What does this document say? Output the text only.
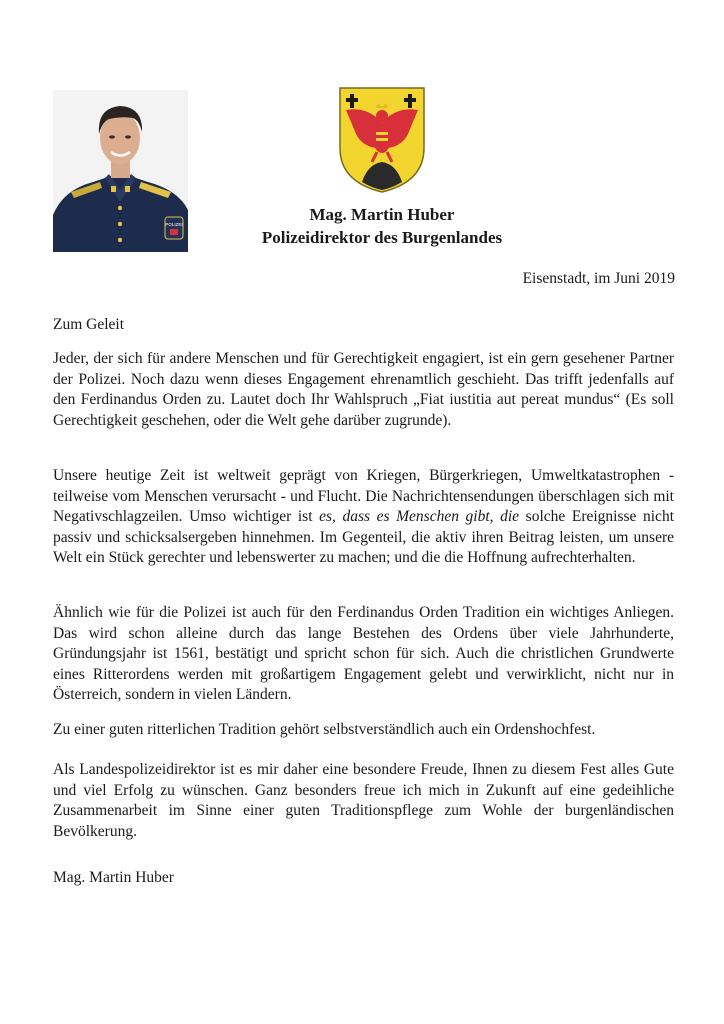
POLIZEI
Mag. Martin Huber
Polizeidirektor des Burgenlandes
Eisenstadt, im Juni 2019
Zum Geleit

Jeder, der sich für andere Menschen und für Gerechtigkeit engagiert, ist ein gern gesehener Partner der Polizei. Noch dazu wenn dieses Engagement ehrenamtlich geschieht. Das trifft jedenfalls auf den Ferdinandus Orden zu. Lautet doch Ihr Wahlspruch „Fiat iustitia aut pereat mundus“ (Es soll Gerechtigkeit geschehen, oder die Welt gehe darüber zugrunde).

Unsere heutige Zeit ist weltweit geprägt von Kriegen, Bürgerkriegen, Umweltkatastrophen - teilweise vom Menschen verursacht - und Flucht. Die Nachrichtensendungen überschlagen sich mit Negativschlagzeilen. Umso wichtiger ist es, dass es Menschen gibt, die solche Ereignisse nicht passiv und schicksalsergeben hinnehmen. Im Gegenteil, die aktiv ihren Beitrag leisten, um unsere Welt ein Stück gerechter und lebenswerter zu machen; und die die Hoffnung aufrechterhalten.

Ähnlich wie für die Polizei ist auch für den Ferdinandus Orden Tradition ein wichtiges Anliegen. Das wird schon alleine durch das lange Bestehen des Ordens über viele Jahrhunderte, Gründungsjahr ist 1561, bestätigt und spricht schon für sich. Auch die christlichen Grundwerte eines Ritterordens werden mit großartigem Engagement gelebt und verwirklicht, nicht nur in Österreich, sondern in vielen Ländern.

Zu einer guten ritterlichen Tradition gehört selbstverständlich auch ein Ordenshochfest.

Als Landespolizeidirektor ist es mir daher eine besondere Freude, Ihnen zu diesem Fest alles Gute und viel Erfolg zu wünschen. Ganz besonders freue ich mich in Zukunft auf eine gedeihliche Zusammenarbeit im Sinne einer guten Traditionspflege zum Wohle der burgenländischen Bevölkerung.

Mag. Martin Huber
